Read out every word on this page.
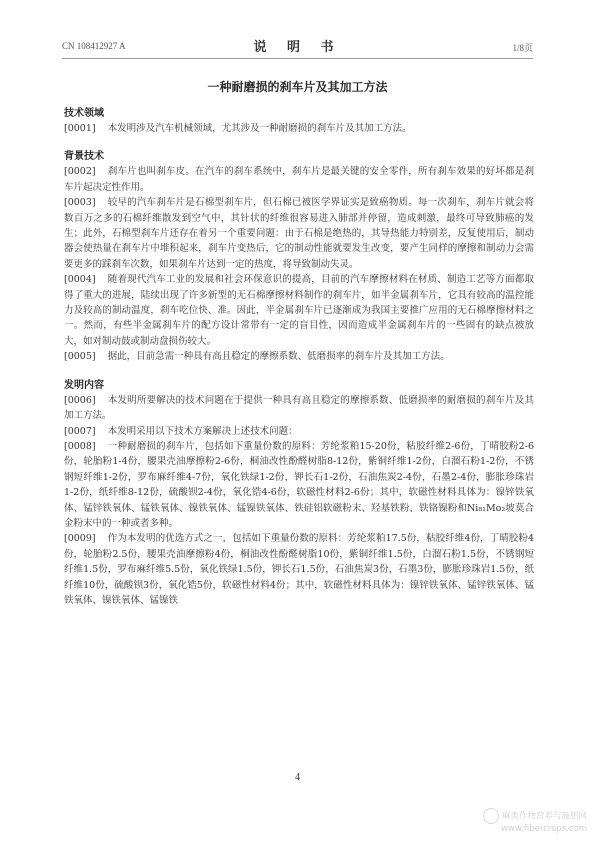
CN 108412927 A	说 明 书	1/8页
一种耐磨损的刹车片及其加工方法
技术领域

[0001] 本发明涉及汽车机械领域，尤其涉及一种耐磨损的刹车片及其加工方法。

背景技术

[0002] 刹车片也叫刹车皮。在汽车的刹车系统中，刹车片是最关键的安全零件，所有刹车效果的好坏都是刹车片起决定性作用。

[0003] 较早的汽车刹车片是石棉型刹车片，但石棉已被医学界证实是致癌物质。每一次刹车，刹车片就会将数百万之多的石棉纤维散发到空气中，其针状的纤维很容易进入肺部并停留，造成刺激，最终可导致肺癌的发生；此外，石棉型刹车片还存在着另一个重要问题：由于石棉是绝热的，其导热能力特别差，反复使用后，制动器会使热量在刹车片中堆积起来，刹车片变热后，它的制动性能就要发生改变，要产生同样的摩擦和制动力会需要更多的踩刹车次数，如果刹车片达到一定的热度，将导致制动失灵。

[0004] 随着现代汽车工业的发展和社会环保意识的提高，目前的汽车摩擦材料在材质、制造工艺等方面都取得了重大的进展，陆续出现了许多新型的无石棉摩擦材料制作的刹车片，如半金属刹车片，它具有较高的温控能力及较高的制动温度，刹车吃位快、准。因此，半金属刹车片已逐渐成为我国主要推广应用的无石棉摩擦材料之一。然而，有些半金属刹车片的配方设计常带有一定的盲目性，因而造成半金属刹车片的一些固有的缺点被放大，如对制动鼓或制动盘损伤较大。

[0005] 据此，目前急需一种具有高且稳定的摩擦系数、低磨损率的刹车片及其加工方法。

发明内容

[0006] 本发明所要解决的技术问题在于提供一种具有高且稳定的摩擦系数、低磨损率的耐磨损的刹车片及其加工方法。

[0007] 本发明采用以下技术方案解决上述技术问题：

[0008] 一种耐磨损的刹车片，包括如下重量份数的原料：芳纶浆粕15-20份，粘胶纤维2-6份，丁晴胶粉2-6份，轮胎粉1-4份，腰果壳油摩擦粉2-6份，桐油改性酚醛树脂8-12份，紫铜纤维1-2份，白溜石粉1-2份，不锈钢短纤维1-2份，罗布麻纤维4-7份，氧化铁绿1-2份，钾长石1-2份，石油焦炭2-4份，石墨2-4份，膨胀珍珠岩1-2份，纸纤维8-12份，硫酸钡2-4份，氧化锆4-6份，软磁性材料2-6份；其中，软磁性材料具体为：镍锌铁氧体、锰锌铁氧体、锰铁氧体、镍铁氧体、锰镍铁氧体、铁硅铝软磁粉末、羟基铁粉、铁铬镍粉和Ni₈₁Mo₂坡莫合金粉末中的一种或者多种。

[0009] 作为本发明的优选方式之一，包括如下重量份数的原料：芳纶浆粕17.5份，粘胶纤维4份，丁晴胶粉4份，轮胎粉2.5份，腰果壳油摩擦粉4份，桐油改性酚醛树脂10份，紫铜纤维1.5份，白溜石粉1.5份，不锈钢短纤维1.5份，罗布麻纤维5.5份，氧化铁绿1.5份，钾长石1.5份，石油焦炭3份，石墨3份，膨胀珍珠岩1.5份，纸纤维10份，硫酸钡3份，氧化锆5份，软磁性材料4份；其中，软磁性材料具体为：镍锌铁氧体、锰锌铁氧体、锰铁氧体、镍铁氧体、锰镍铁

4
麻类作物营养与施肥网
www.fibercrops.com
